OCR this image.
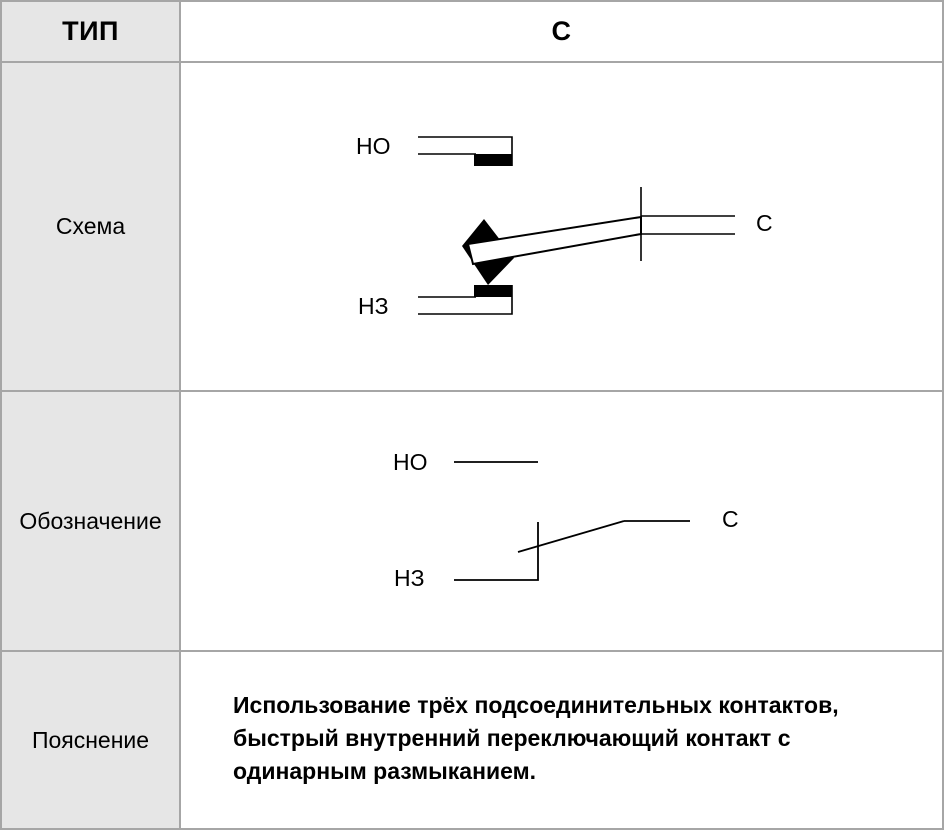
ТИП	С
Схема
Обозначение
Пояснение
НО
НЗ
С
НО
НЗ
С
Использование трёх подсоединительных контактов,
быстрый внутренний переключающий контакт с
одинарным размыканием.
